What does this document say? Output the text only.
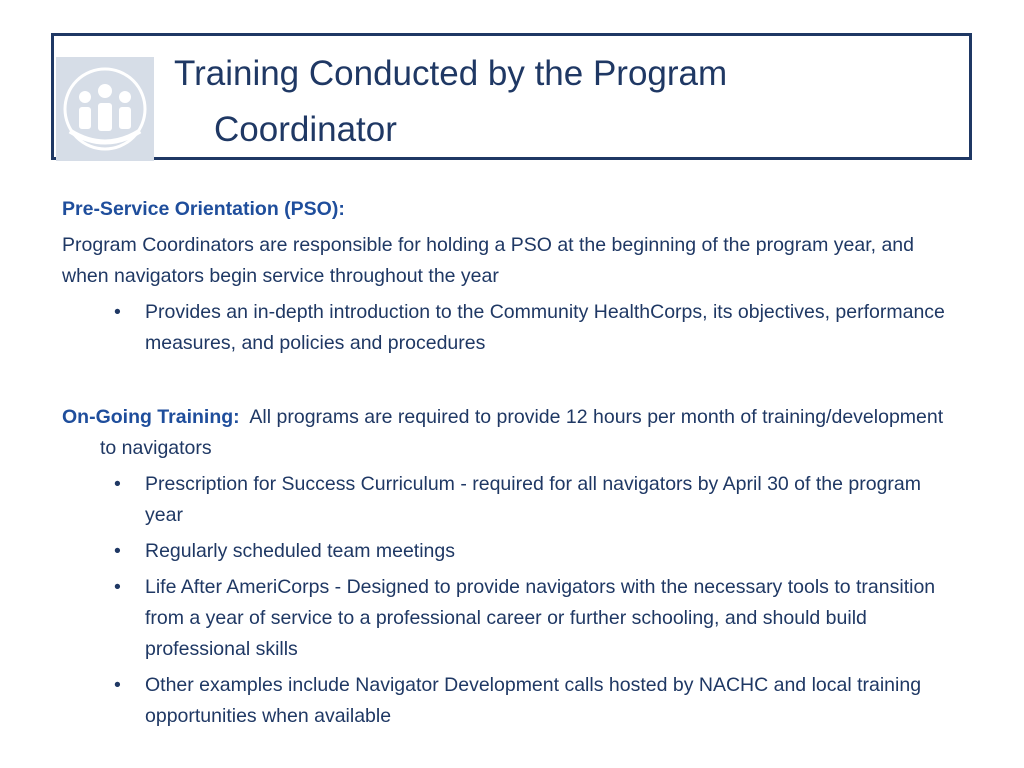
Training Conducted by the Program
Coordinator

Pre-Service Orientation (PSO):

Program Coordinators are responsible for holding a PSO at the beginning of the program year, and when navigators begin service throughout the year

• Provides an in-depth introduction to the Community HealthCorps, its objectives, performance measures, and policies and procedures

On-Going Training: All programs are required to provide 12 hours per month of training/development to navigators

• Prescription for Success Curriculum - required for all navigators by April 30 of the program year
• Regularly scheduled team meetings
• Life After AmeriCorps - Designed to provide navigators with the necessary tools to transition from a year of service to a professional career or further schooling, and should build professional skills
• Other examples include Navigator Development calls hosted by NACHC and local training opportunities when available
